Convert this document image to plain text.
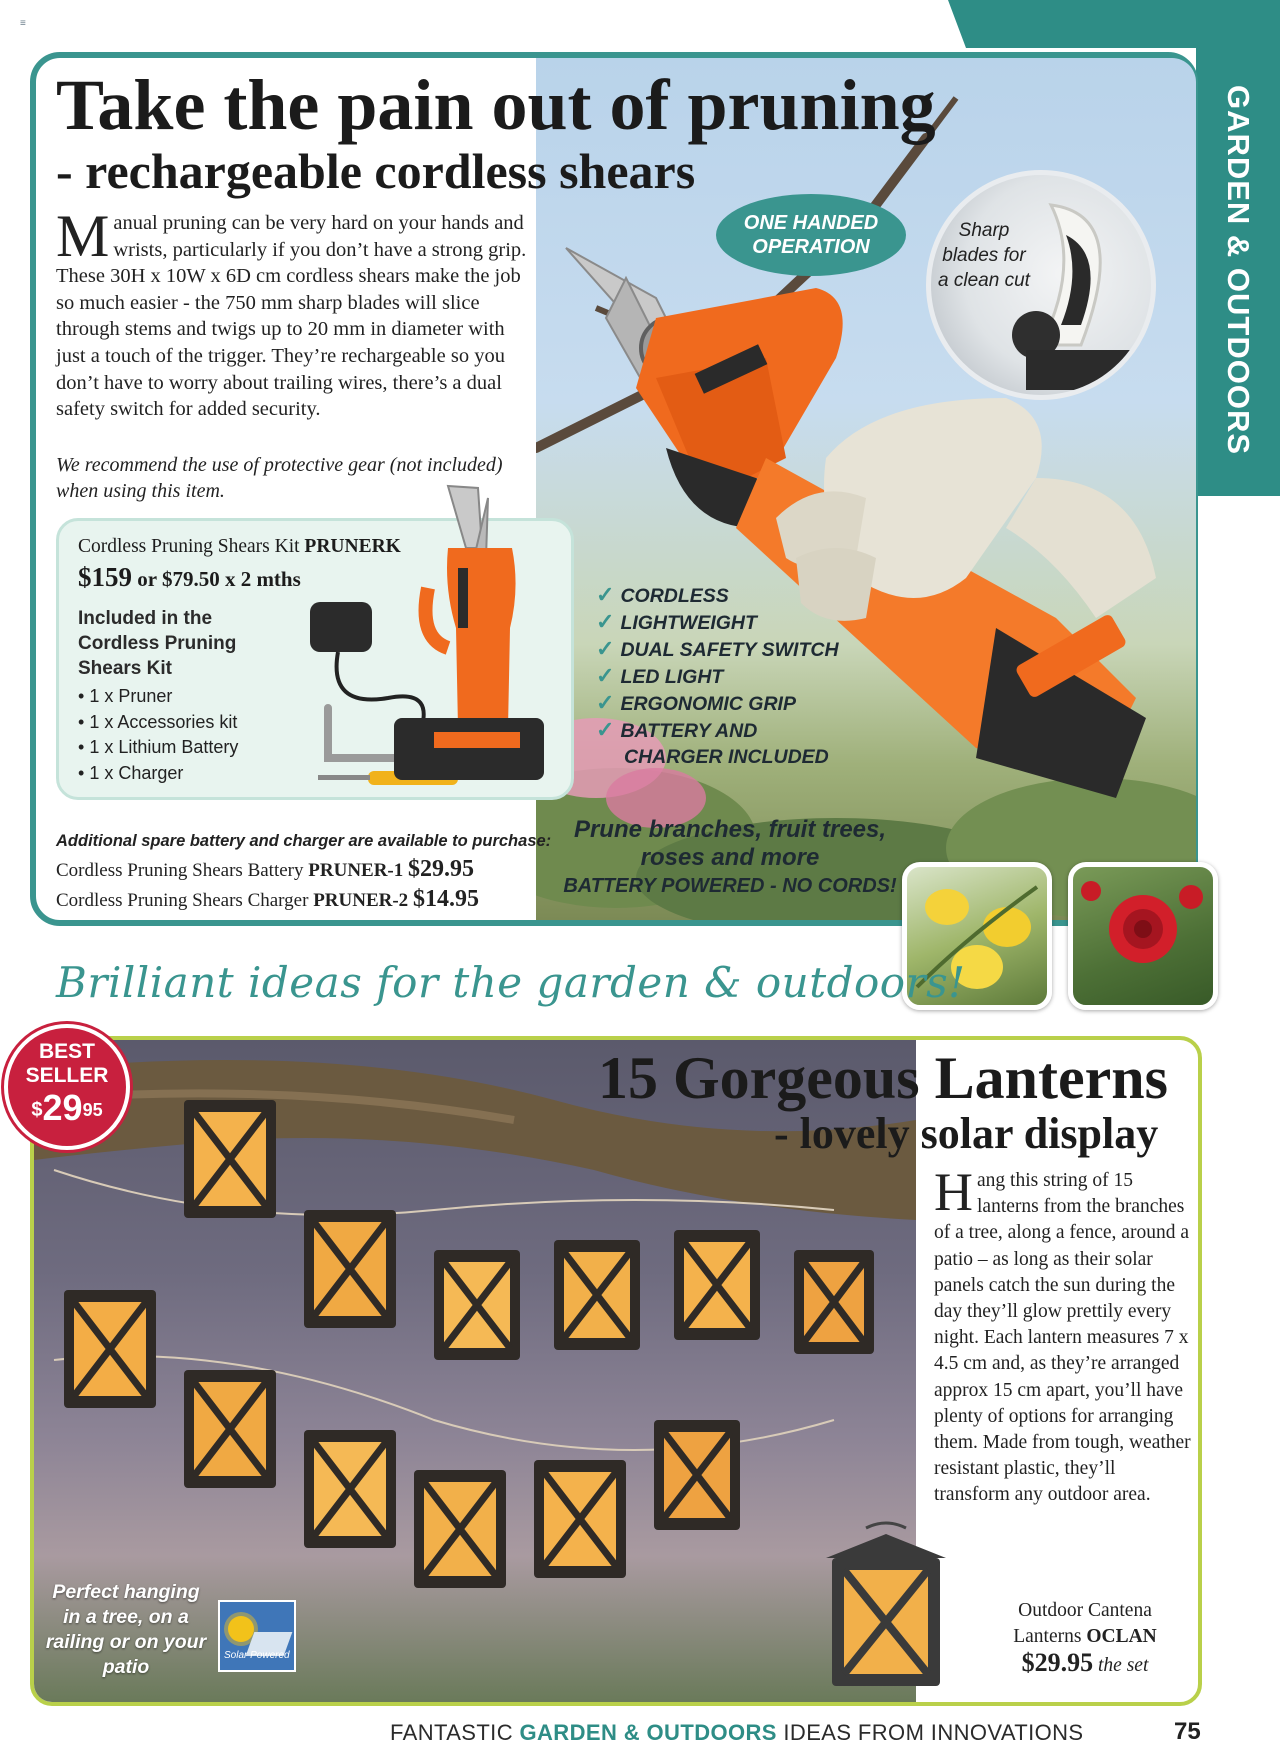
≡
GARDEN & OUTDOORS
Take the pain out of pruning
- rechargeable cordless shears
Manual pruning can be very hard on your hands and wrists, particularly if you don’t have a strong grip. These 30H x 10W x 6D cm cordless shears make the job so much easier - the 750 mm sharp blades will slice through stems and twigs up to 20 mm in diameter with just a touch of the trigger. They’re rechargeable so you don’t have to worry about trailing wires, there’s a dual safety switch for added security.
We recommend the use of protective gear (not included) when using this item.
Cordless Pruning Shears Kit PRUNERK
$159 or $79.50 x 2 mths
Included in the Cordless Pruning Shears Kit
• 1 x Pruner
• 1 x Accessories kit
• 1 x Lithium Battery
• 1 x Charger
Additional spare battery and charger are available to purchase:
Cordless Pruning Shears Battery PRUNER-1 $29.95
Cordless Pruning Shears Charger PRUNER-2 $14.95
ONE HANDED OPERATION
Sharp blades for a clean cut
✓ CORDLESS
✓ LIGHTWEIGHT
✓ DUAL SAFETY SWITCH
✓ LED LIGHT
✓ ERGONOMIC GRIP
✓ BATTERY AND
CHARGER INCLUDED
Prune branches, fruit trees, roses and more
BATTERY POWERED - NO CORDS!
Brilliant ideas for the garden & outdoors!
BEST
SELLER
$^{\$}29^{95}$	15 Gorgeous Lanterns
- lovely solar display
Hang this string of 15 lanterns from the branches of a tree, along a fence, around a patio – as long as their solar panels catch the sun during the day they’ll glow prettily every night. Each lantern measures 7 x 4.5 cm and, as they’re arranged approx 15 cm apart, you’ll have plenty of options for arranging them. Made from tough, weather resistant plastic, they’ll transform any outdoor area.
Outdoor Cantena Lanterns OCLAN
$29.95 the set
Perfect hanging in a tree, on a railing or on your patio
Solar Powered
FANTASTIC GARDEN & OUTDOORS IDEAS FROM INNOVATIONS	75
